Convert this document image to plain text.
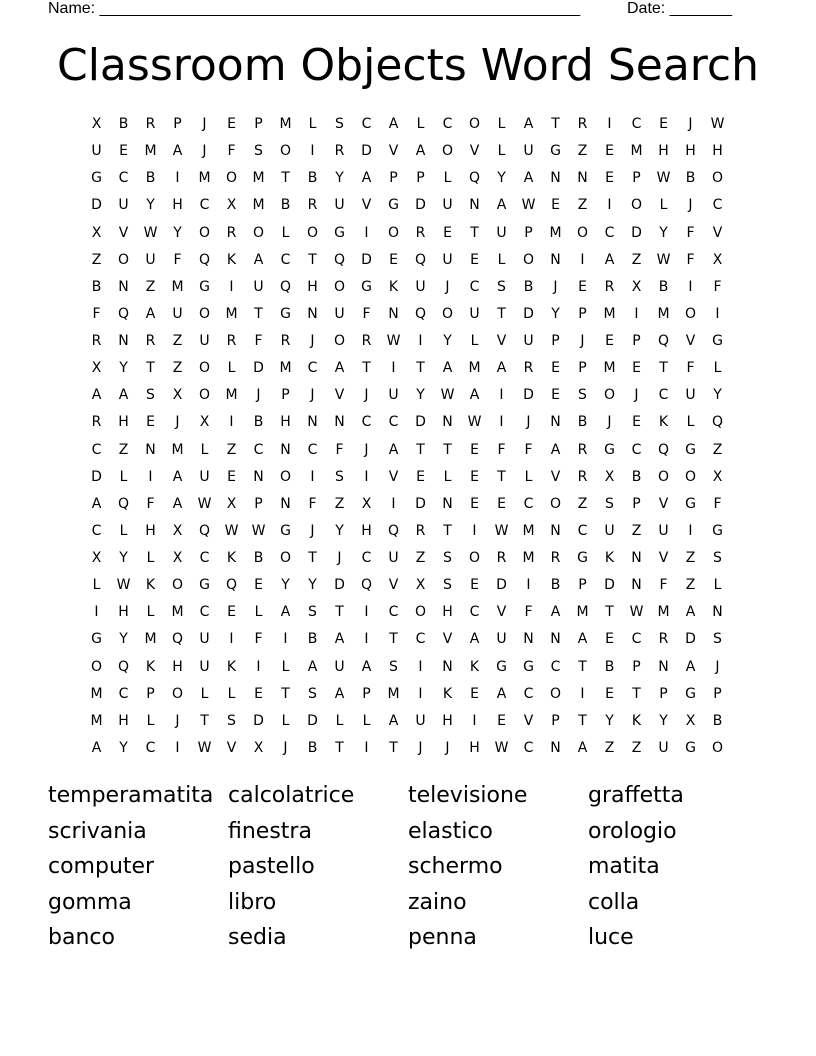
Name: ______________________________________________________	Date: _______
Classroom Objects Word Search
X	B	R	P	J	E	P	M	L	S	C	A	L	C	O	L	A	T	R	I	C	E	J	W
U	E	M	A	J	F	S	O	I	R	D	V	A	O	V	L	U	G	Z	E	M	H	H	H
G	C	B	I	M	O	M	T	B	Y	A	P	P	L	Q	Y	A	N	N	E	P	W	B	O
D	U	Y	H	C	X	M	B	R	U	V	G	D	U	N	A	W	E	Z	I	O	L	J	C
X	V	W	Y	O	R	O	L	O	G	I	O	R	E	T	U	P	M	O	C	D	Y	F	V
Z	O	U	F	Q	K	A	C	T	Q	D	E	Q	U	E	L	O	N	I	A	Z	W	F	X
B	N	Z	M	G	I	U	Q	H	O	G	K	U	J	C	S	B	J	E	R	X	B	I	F
F	Q	A	U	O	M	T	G	N	U	F	N	Q	O	U	T	D	Y	P	M	I	M	O	I
R	N	R	Z	U	R	F	R	J	O	R	W	I	Y	L	V	U	P	J	E	P	Q	V	G
X	Y	T	Z	O	L	D	M	C	A	T	I	T	A	M	A	R	E	P	M	E	T	F	L
A	A	S	X	O	M	J	P	J	V	J	U	Y	W	A	I	D	E	S	O	J	C	U	Y
R	H	E	J	X	I	B	H	N	N	C	C	D	N	W	I	J	N	B	J	E	K	L	Q
C	Z	N	M	L	Z	C	N	C	F	J	A	T	T	E	F	F	A	R	G	C	Q	G	Z
D	L	I	A	U	E	N	O	I	S	I	V	E	L	E	T	L	V	R	X	B	O	O	X
A	Q	F	A	W	X	P	N	F	Z	X	I	D	N	E	E	C	O	Z	S	P	V	G	F
C	L	H	X	Q	W W	G	J	Y	H	Q	R	T	I	W	M	N	C	U	Z	U	I	G
X	Y	L	X	C	K	B	O	T	J	C	U	Z	S	O	R	M	R	G	K	N	V	Z	S
L	W	K	O	G	Q	E	Y	Y	D	Q	V	X	S	E	D	I	B	P	D	N	F	Z	L
I	H	L	M	C	E	L	A	S	T	I	C	O	H	C	V	F	A	M	T	W	M	A	N
G	Y	M	Q	U	I	F	I	B	A	I	T	C	V	A	U	N	N	A	E	C	R	D	S
O	Q	K	H	U	K	I	L	A	U	A	S	I	N	K	G	G	C	T	B	P	N	A	J
M	C	P	O	L	L	E	T	S	A	P	M	I	K	E	A	C	O	I	E	T	P	G	P
M	H	L	J	T	S	D	L	D	L	L	A	U	H	I	E	V	P	T	Y	K	Y	X	B
A	Y	C	I	W	V	X	J	B	T	I	T	J	J	H	W	C	N	A	Z	Z	U	G	O
temperamatita calcolatrice	televisione	graffetta
scrivania	finestra	elastico	orologio
computer	pastello	schermo	matita
gomma	libro	zaino	colla
banco	sedia	penna	luce
